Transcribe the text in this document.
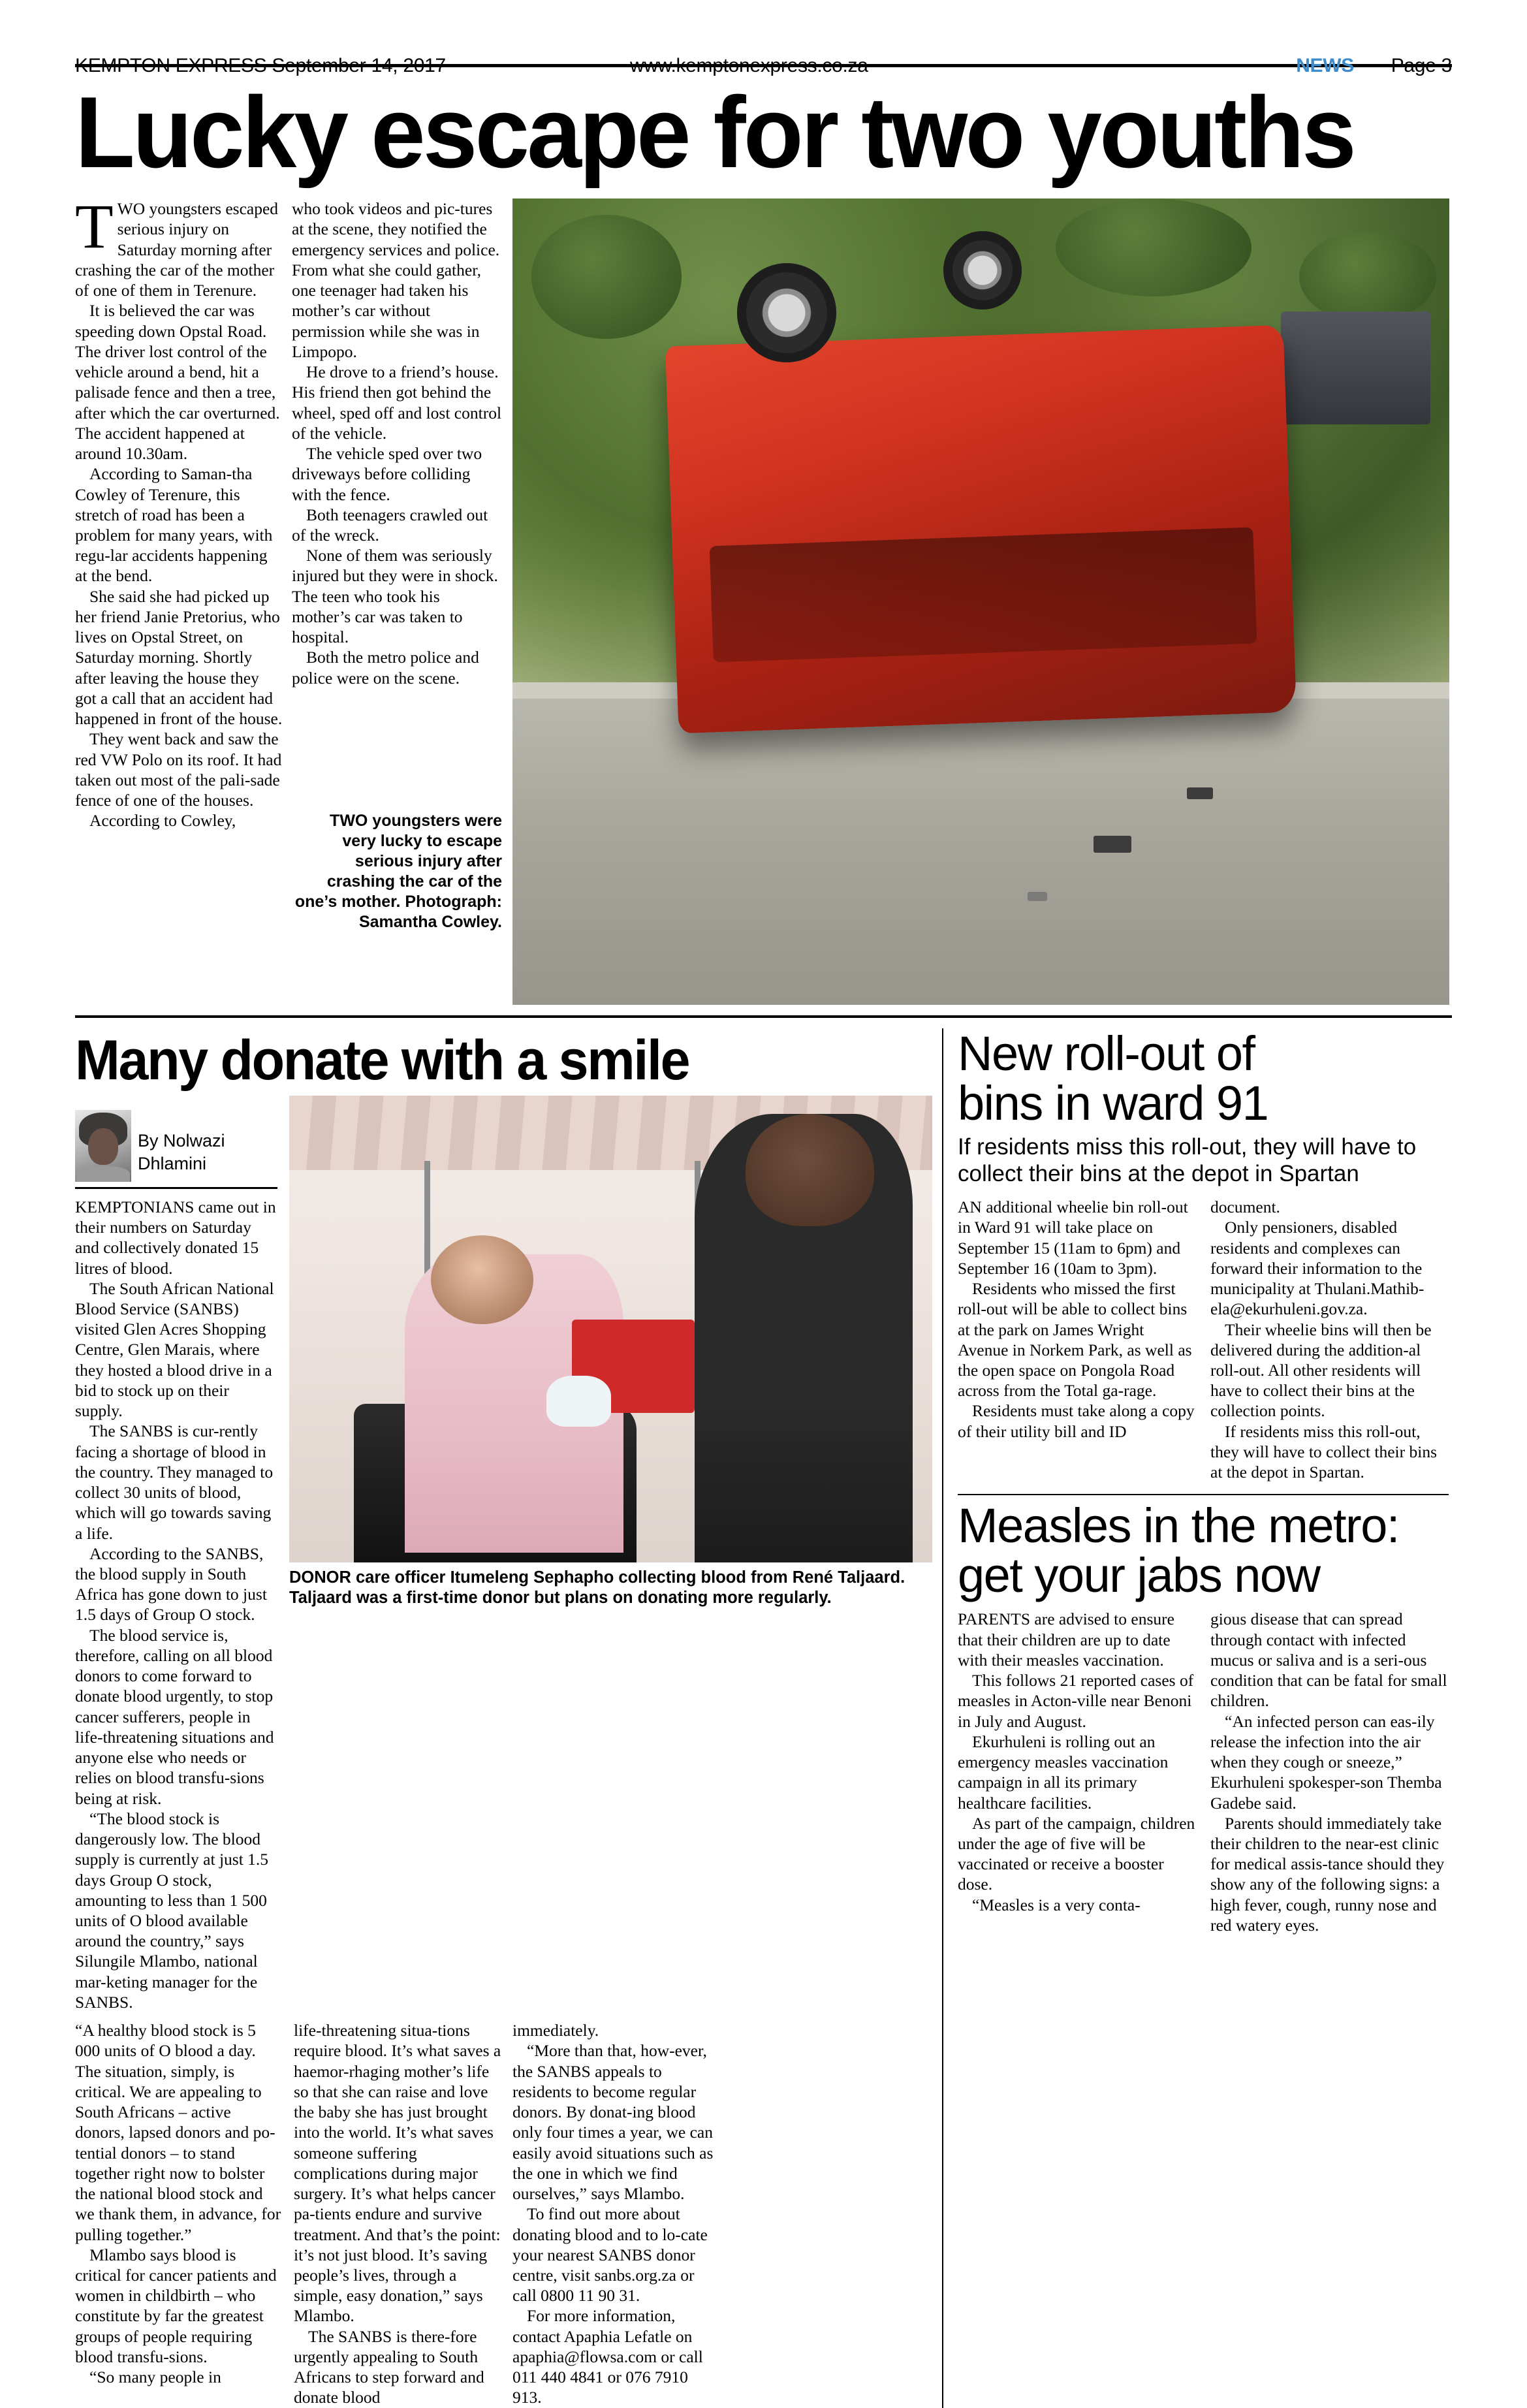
KEMPTON EXPRESS September 14, 2017	www.kemptonexpress.co.za	NEWS	Page 3
Lucky escape for two youths

TWO youngsters escaped serious injury on Saturday morning after crashing the car of the mother of one of them in Terenure.

It is believed the car was speeding down Opstal Road. The driver lost control of the vehicle around a bend, hit a palisade fence and then a tree, after which the car overturned. The accident happened at around 10.30am.

According to Saman-tha Cowley of Terenure, this stretch of road has been a problem for many years, with regu-lar accidents happening at the bend.

She said she had picked up her friend Janie Pretorius, who lives on Opstal Street, on Saturday morning. Shortly after leaving the house they got a call that an accident had happened in front of the house.

They went back and saw the red VW Polo on its roof. It had taken out most of the pali-sade fence of one of the houses.

According to Cowley,

who took videos and pic-tures at the scene, they notified the emergency services and police. From what she could gather, one teenager had taken his mother’s car without permission while she was in Limpopo.

He drove to a friend’s house. His friend then got behind the wheel, sped off and lost control of the vehicle.

The vehicle sped over two driveways before colliding with the fence.

Both teenagers crawled out of the wreck.

None of them was seriously injured but they were in shock. The teen who took his mother’s car was taken to hospital.

Both the metro police and police were on the scene.

TWO youngsters were very lucky to escape serious injury after crashing the car of the one’s mother. Photograph: Samantha Cowley.
Many donate with a smile
By Nolwazi
Dhlamini

KEMPTONIANS came out in their numbers on Saturday and collectively donated 15 litres of blood.

The South African National Blood Service (SANBS) visited Glen Acres Shopping Centre, Glen Marais, where they hosted a blood drive in a bid to stock up on their supply.

The SANBS is cur-rently facing a shortage of blood in the country. They managed to collect 30 units of blood, which will go towards saving a life.

According to the SANBS, the blood supply in South Africa has gone down to just 1.5 days of Group O stock.

The blood service is, therefore, calling on all blood donors to come forward to donate blood urgently, to stop cancer sufferers, people in life-threatening situations and anyone else who needs or relies on blood transfu-sions being at risk.

“The blood stock is dangerously low. The blood supply is currently at just 1.5 days Group O stock, amounting to less than 1 500 units of O blood available around the country,” says Silungile Mlambo, national mar-keting manager for the SANBS.

DONOR care officer Itumeleng Sephapho collecting blood from René Taljaard. Taljaard was a first-time donor but plans on donating more regularly.

“A healthy blood stock is 5 000 units of O blood a day. The situation, simply, is critical. We are appealing to South Africans – active donors, lapsed donors and po-tential donors – to stand together right now to bolster the national blood stock and we thank them, in advance, for pulling together.”

Mlambo says blood is critical for cancer patients and women in childbirth – who constitute by far the greatest groups of people requiring blood transfu-sions.

“So many people in

life-threatening situa-tions require blood. It’s what saves a haemor-rhaging mother’s life so that she can raise and love the baby she has just brought into the world. It’s what saves someone suffering complications during major surgery. It’s what helps cancer pa-tients endure and survive treatment. And that’s the point: it’s not just blood. It’s saving people’s lives, through a simple, easy donation,” says Mlambo.

The SANBS is there-fore urgently appealing to South Africans to step forward and donate blood

immediately.

“More than that, how-ever, the SANBS appeals to residents to become regular donors. By donat-ing blood only four times a year, we can easily avoid situations such as the one in which we find ourselves,” says Mlambo.

To find out more about donating blood and to lo-cate your nearest SANBS donor centre, visit sanbs.org.za or call 0800 11 90 31.

For more information, contact Apaphia Lefatle on apaphia@flowsa.com or call 011 440 4841 or 076 7910 913.

New roll-out of
bins in ward 91
If residents miss this roll-out, they will have to collect their bins at the depot in Spartan

AN additional wheelie bin roll-out in Ward 91 will take place on September 15 (11am to 6pm) and September 16 (10am to 3pm).

Residents who missed the first roll-out will be able to collect bins at the park on James Wright Avenue in Norkem Park, as well as the open space on Pongola Road across from the Total ga-rage.

Residents must take along a copy of their utility bill and ID

document.

Only pensioners, disabled residents and complexes can forward their information to the municipality at Thulani.Mathib-ela@ekurhuleni.gov.za.

Their wheelie bins will then be delivered during the addition-al roll-out. All other residents will have to collect their bins at the collection points.

If residents miss this roll-out, they will have to collect their bins at the depot in Spartan.

Measles in the metro:
get your jabs now

PARENTS are advised to ensure that their children are up to date with their measles vaccination.

This follows 21 reported cases of measles in Acton-ville near Benoni in July and August.

Ekurhuleni is rolling out an emergency measles vaccination campaign in all its primary healthcare facilities.

As part of the campaign, children under the age of five will be vaccinated or receive a booster dose.

“Measles is a very conta-

gious disease that can spread through contact with infected mucus or saliva and is a seri-ous condition that can be fatal for small children.

“An infected person can eas-ily release the infection into the air when they cough or sneeze,” Ekurhuleni spokesper-son Themba Gadebe said.

Parents should immediately take their children to the near-est clinic for medical assis-tance should they show any of the following signs: a high fever, cough, runny nose and red watery eyes.
